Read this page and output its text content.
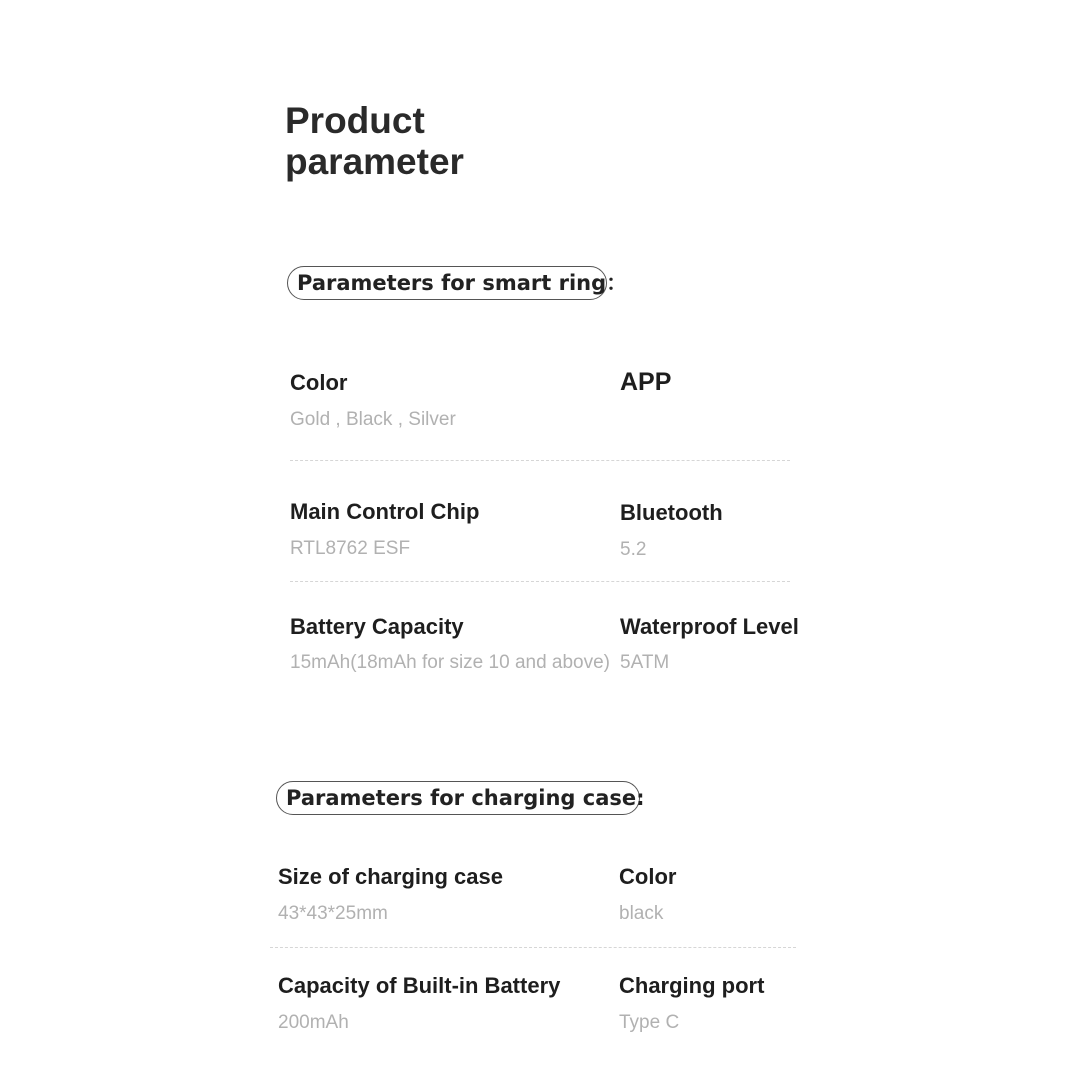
Product
parameter
Parameters for smart ring：
Color
Gold , Black , Silver
APP
Main Control Chip
RTL8762 ESF
Bluetooth
5.2
Battery Capacity
15mAh(18mAh for size 10 and above)
Waterproof Level
5ATM
Parameters for charging case:
Size of charging case
43*43*25mm
Color
black
Capacity of Built-in Battery
200mAh
Charging port
Type C
